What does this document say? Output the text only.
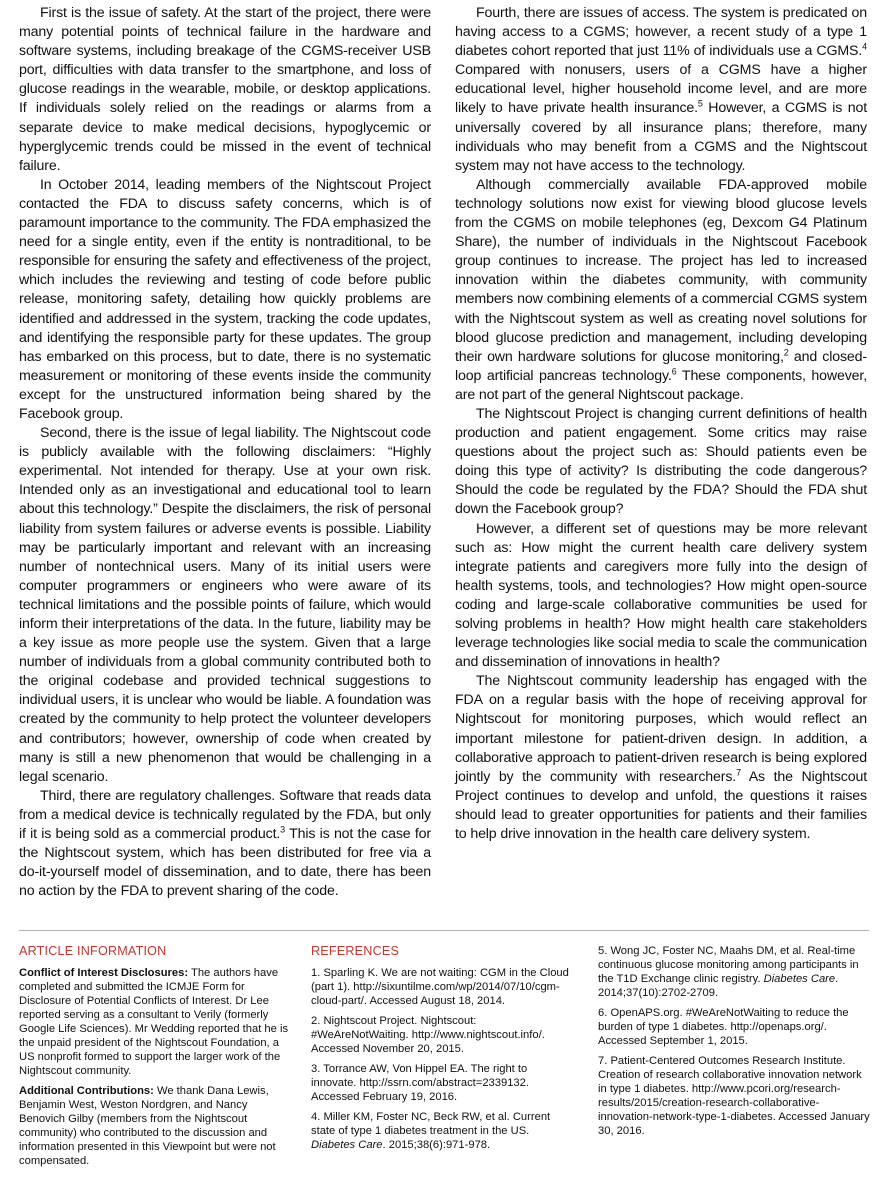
First is the issue of safety. At the start of the project, there were many potential points of technical failure in the hardware and software systems, including breakage of the CGMS-receiver USB port, difficulties with data transfer to the smartphone, and loss of glucose readings in the wearable, mobile, or desktop applications. If individuals solely relied on the readings or alarms from a separate device to make medical decisions, hypoglycemic or hyperglycemic trends could be missed in the event of technical failure.

In October 2014, leading members of the Nightscout Project contacted the FDA to discuss safety concerns, which is of paramount importance to the community. The FDA emphasized the need for a single entity, even if the entity is nontraditional, to be responsible for ensuring the safety and effectiveness of the project, which includes the reviewing and testing of code before public release, monitoring safety, detailing how quickly problems are identified and addressed in the system, tracking the code updates, and identifying the responsible party for these updates. The group has embarked on this process, but to date, there is no systematic measurement or monitoring of these events inside the community except for the unstructured information being shared by the Facebook group.

Second, there is the issue of legal liability. The Nightscout code is publicly available with the following disclaimers: “Highly experimental. Not intended for therapy. Use at your own risk. Intended only as an investigational and educational tool to learn about this technology.” Despite the disclaimers, the risk of personal liability from system failures or adverse events is possible. Liability may be particularly important and relevant with an increasing number of nontechnical users. Many of its initial users were computer programmers or engineers who were aware of its technical limitations and the possible points of failure, which would inform their interpretations of the data. In the future, liability may be a key issue as more people use the system. Given that a large number of individuals from a global community contributed both to the original codebase and provided technical suggestions to individual users, it is unclear who would be liable. A foundation was created by the community to help protect the volunteer developers and contributors; however, ownership of code when created by many is still a new phenomenon that would be challenging in a legal scenario.

Third, there are regulatory challenges. Software that reads data from a medical device is technically regulated by the FDA, but only if it is being sold as a commercial product.$^3$ This is not the case for the Nightscout system, which has been distributed for free via a do-it-yourself model of dissemination, and to date, there has been no action by the FDA to prevent sharing of the code.

Fourth, there are issues of access. The system is predicated on having access to a CGMS; however, a recent study of a type 1 diabetes cohort reported that just 11% of individuals use a CGMS.$^4$ Compared with nonusers, users of a CGMS have a higher educational level, higher household income level, and are more likely to have private health insurance.$^5$ However, a CGMS is not universally covered by all insurance plans; therefore, many individuals who may benefit from a CGMS and the Nightscout system may not have access to the technology.

Although commercially available FDA-approved mobile technology solutions now exist for viewing blood glucose levels from the CGMS on mobile telephones (eg, Dexcom G4 Platinum Share), the number of individuals in the Nightscout Facebook group continues to increase. The project has led to increased innovation within the diabetes community, with community members now combining elements of a commercial CGMS system with the Nightscout system as well as creating novel solutions for blood glucose prediction and management, including developing their own hardware solutions for glucose monitoring,$^2$ and closed-loop artificial pancreas technology.$^6$ These components, however, are not part of the general Nightscout package.

The Nightscout Project is changing current definitions of health production and patient engagement. Some critics may raise questions about the project such as: Should patients even be doing this type of activity? Is distributing the code dangerous? Should the code be regulated by the FDA? Should the FDA shut down the Facebook group?

However, a different set of questions may be more relevant such as: How might the current health care delivery system integrate patients and caregivers more fully into the design of health systems, tools, and technologies? How might open-source coding and large-scale collaborative communities be used for solving problems in health? How might health care stakeholders leverage technologies like social media to scale the communication and dissemination of innovations in health?

The Nightscout community leadership has engaged with the FDA on a regular basis with the hope of receiving approval for Nightscout for monitoring purposes, which would reflect an important milestone for patient-driven design. In addition, a collaborative approach to patient-driven research is being explored jointly by the community with researchers.$^7$ As the Nightscout Project continues to develop and unfold, the questions it raises should lead to greater opportunities for patients and their families to help drive innovation in the health care delivery system.

ARTICLE INFORMATION

Conflict of Interest Disclosures: The authors have completed and submitted the ICMJE Form for Disclosure of Potential Conflicts of Interest. Dr Lee reported serving as a consultant to Verily (formerly Google Life Sciences). Mr Wedding reported that he is the unpaid president of the Nightscout Foundation, a US nonprofit formed to support the larger work of the Nightscout community.

Additional Contributions: We thank Dana Lewis, Benjamin West, Weston Nordgren, and Nancy Benovich Gilby (members from the Nightscout community) who contributed to the discussion and information presented in this Viewpoint but were not compensated.

REFERENCES

1. Sparling K. We are not waiting: CGM in the Cloud (part 1). http://sixuntilme.com/wp/2014/07/10/cgm-cloud-part/. Accessed August 18, 2014.

2. Nightscout Project. Nightscout: #WeAreNotWaiting. http://www.nightscout.info/. Accessed November 20, 2015.

3. Torrance AW, Von Hippel EA. The right to innovate. http://ssrn.com/abstract=2339132. Accessed February 19, 2016.

4. Miller KM, Foster NC, Beck RW, et al. Current state of type 1 diabetes treatment in the US. Diabetes Care. 2015;38(6):971-978.

5. Wong JC, Foster NC, Maahs DM, et al. Real-time continuous glucose monitoring among participants in the T1D Exchange clinic registry. Diabetes Care. 2014;37(10):2702-2709.

6. OpenAPS.org. #WeAreNotWaiting to reduce the burden of type 1 diabetes. http://openaps.org/. Accessed September 1, 2015.

7. Patient-Centered Outcomes Research Institute. Creation of research collaborative innovation network in type 1 diabetes. http://www.pcori.org/research-results/2015/creation-research-collaborative-innovation-network-type-1-diabetes. Accessed January 30, 2016.
